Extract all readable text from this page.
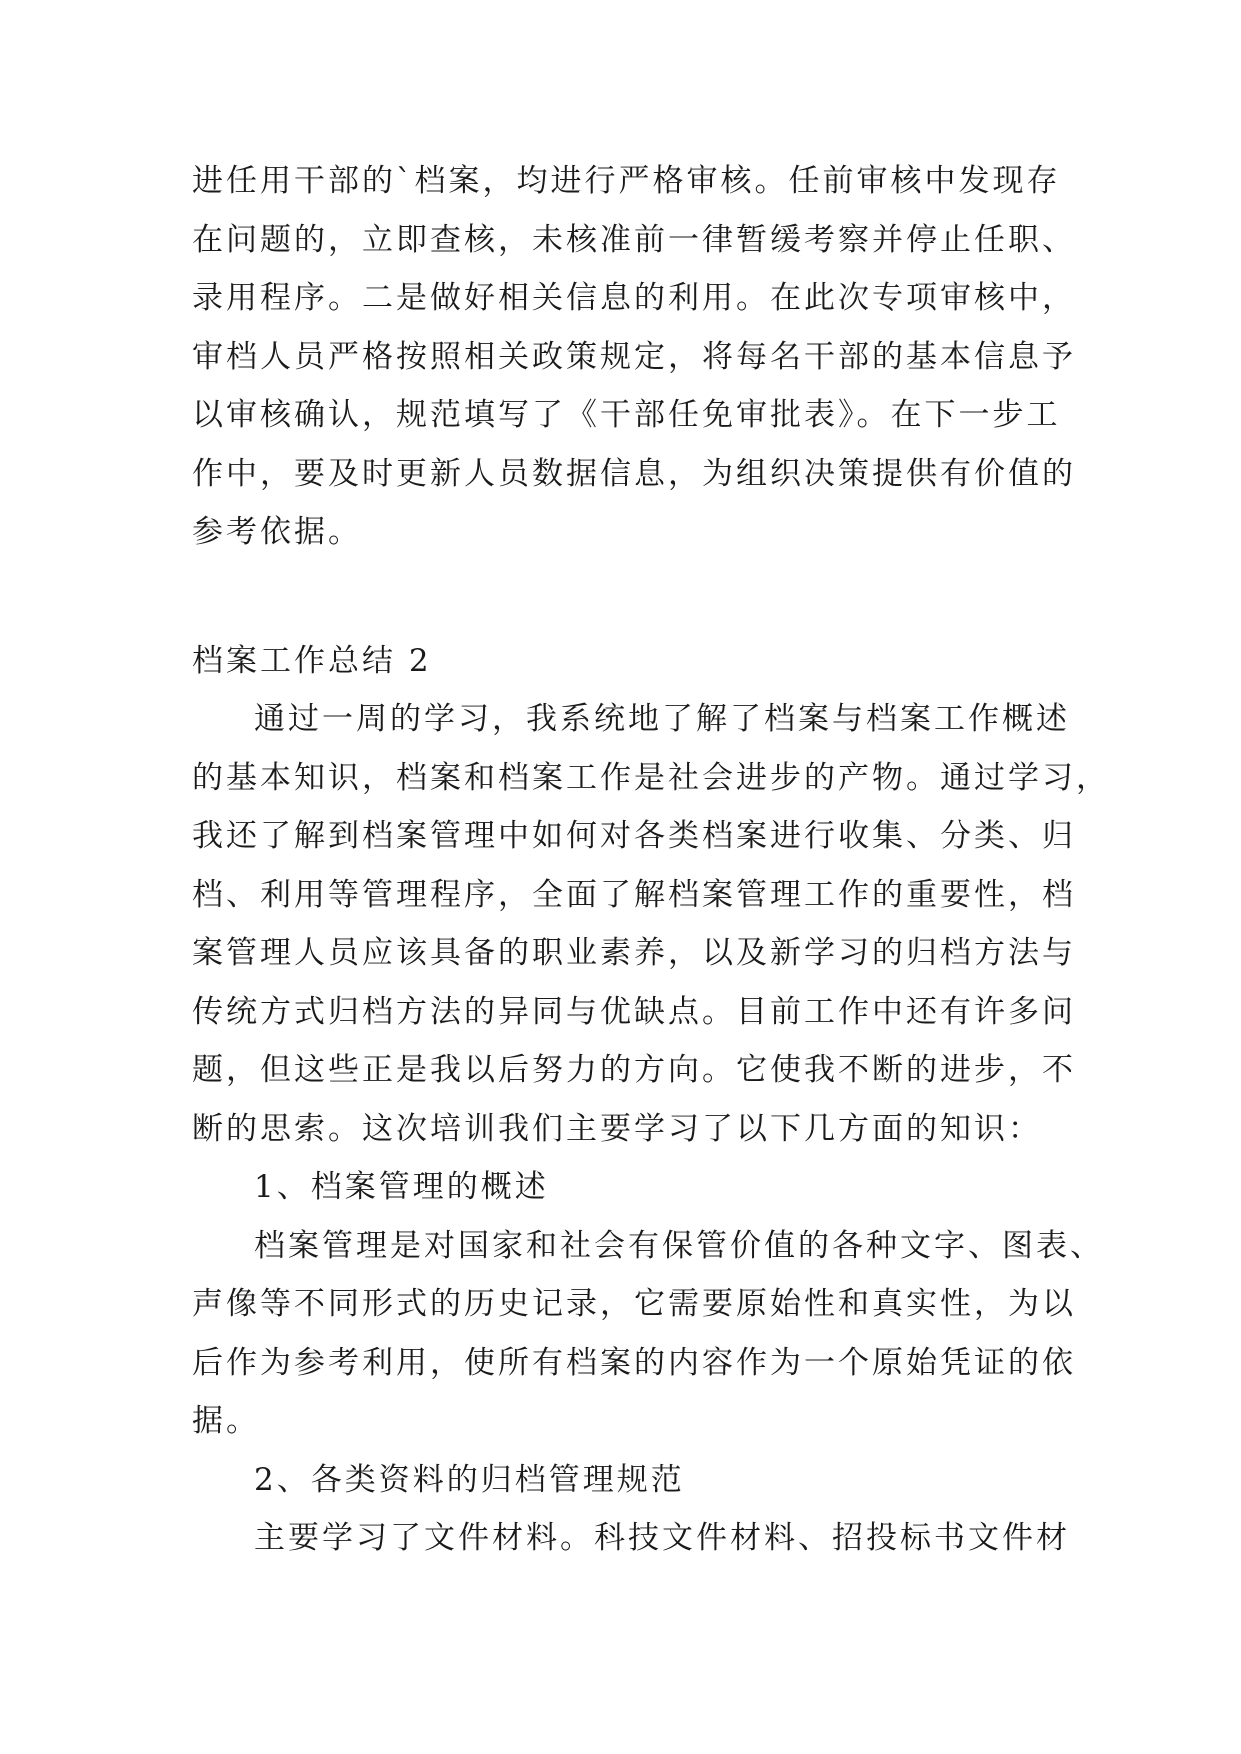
进任用干部的`档案，均进行严格审核。任前审核中发现存
在问题的，立即查核，未核准前一律暂缓考察并停止任职、
录用程序。二是做好相关信息的利用。在此次专项审核中，
审档人员严格按照相关政策规定，将每名干部的基本信息予
以审核确认，规范填写了《干部任免审批表》。在下一步工
作中，要及时更新人员数据信息，为组织决策提供有价值的
参考依据。
档案工作总结 2
通过一周的学习，我系统地了解了档案与档案工作概述
的基本知识，档案和档案工作是社会进步的产物。通过学习，
我还了解到档案管理中如何对各类档案进行收集、分类、归
档、利用等管理程序，全面了解档案管理工作的重要性，档
案管理人员应该具备的职业素养，以及新学习的归档方法与
传统方式归档方法的异同与优缺点。目前工作中还有许多问
题，但这些正是我以后努力的方向。它使我不断的进步，不
断的思索。这次培训我们主要学习了以下几方面的知识：
1、档案管理的概述
档案管理是对国家和社会有保管价值的各种文字、图表、
声像等不同形式的历史记录，它需要原始性和真实性，为以
后作为参考利用，使所有档案的内容作为一个原始凭证的依
据。
2、各类资料的归档管理规范
主要学习了文件材料。科技文件材料、招投标书文件材
